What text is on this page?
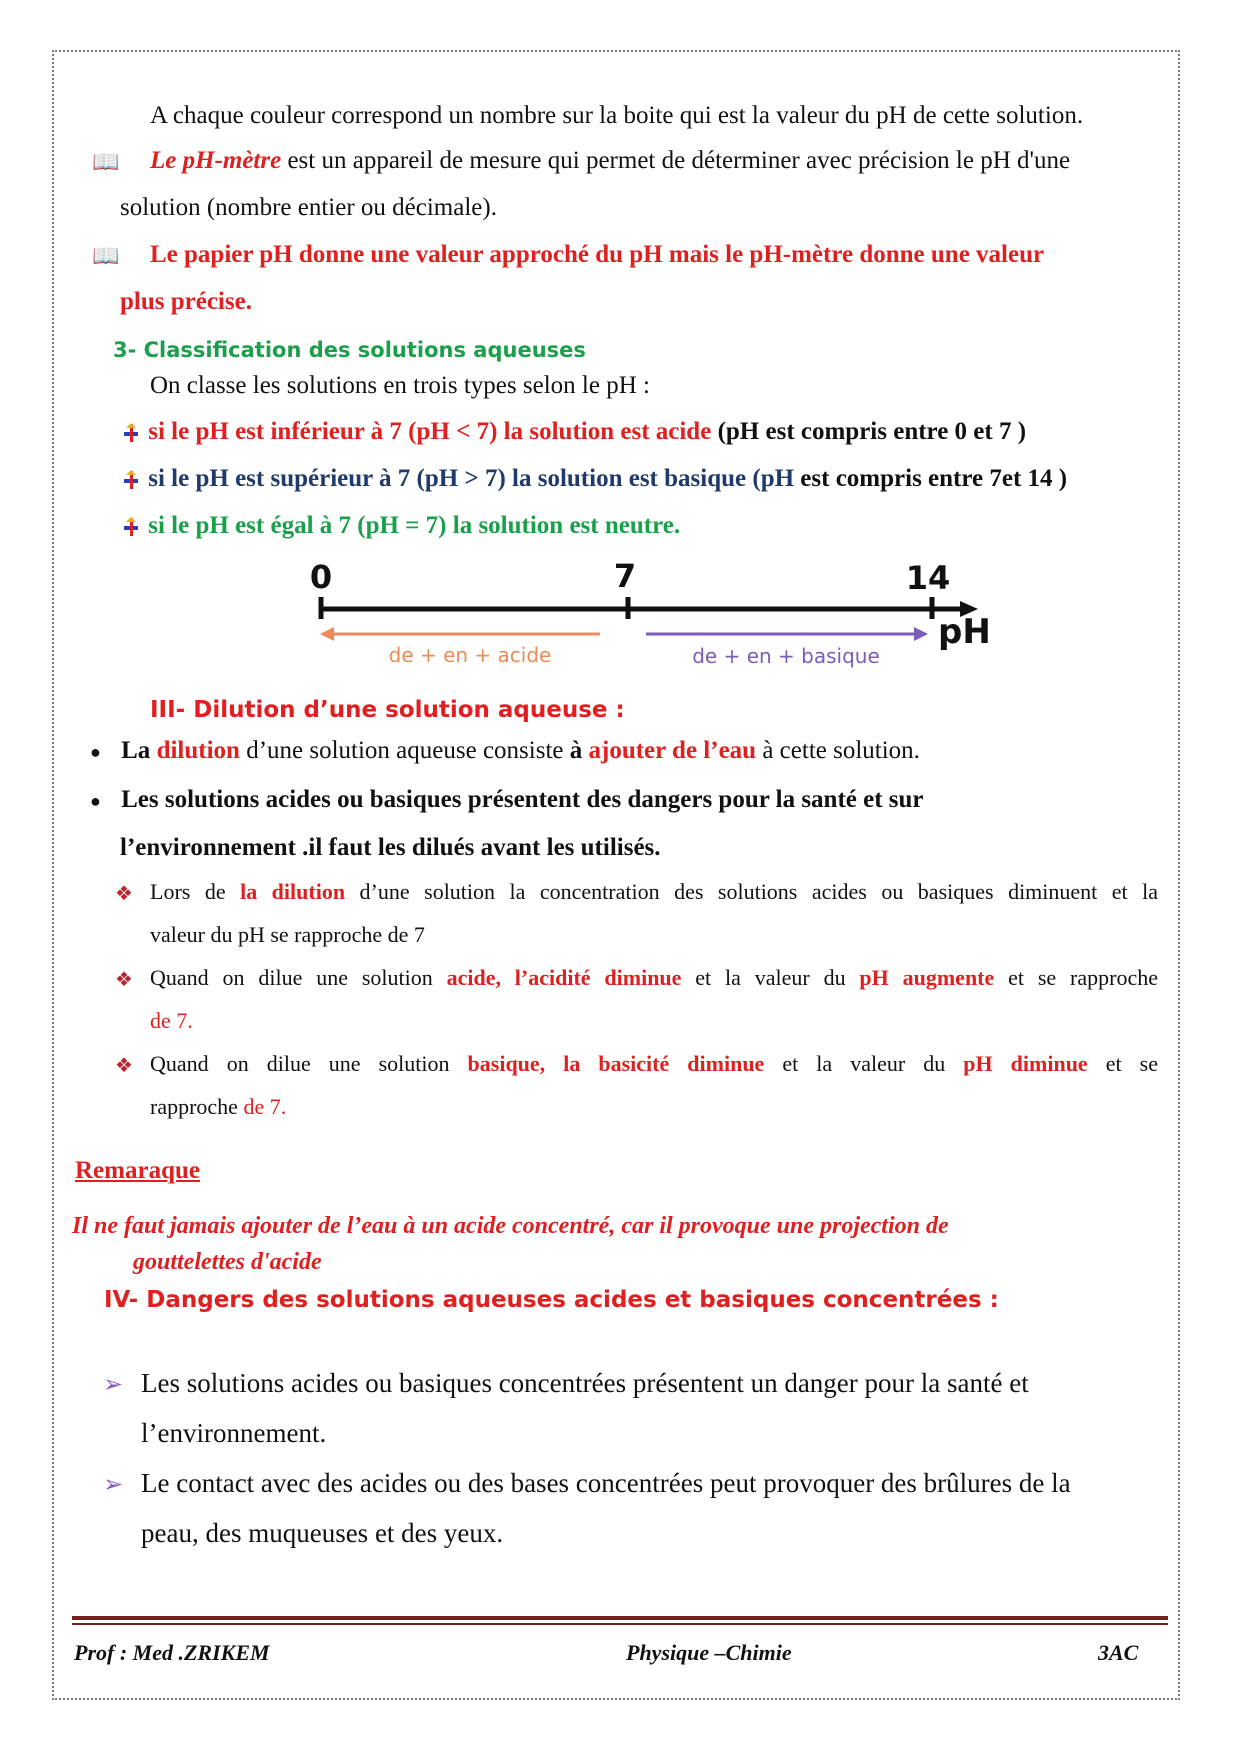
A chaque couleur correspond un nombre sur la boite qui est la valeur du pH de cette solution.
📖 Le pH-mètre est un appareil de mesure qui permet de déterminer avec précision le pH d'une
solution (nombre entier ou décimale).
📖 Le papier pH donne une valeur approché du pH mais le pH-mètre donne une valeur
plus précise.
3- Classification des solutions aqueuses
On classe les solutions en trois types selon le pH :
si le pH est inférieur à 7 (pH < 7) la solution est acide (pH est compris entre 0 et 7 )
si le pH est supérieur à 7 (pH > 7) la solution est basique (pH est compris entre 7et 14 )
si le pH est égal à 7 (pH = 7) la solution est neutre.
0	7	14
pH
de + en + acide	de + en + basique
III- Dilution d’une solution aqueuse :
● La dilution d’une solution aqueuse consiste à ajouter de l’eau à cette solution.
● Les solutions acides ou basiques présentent des dangers pour la santé et sur
l’environnement .il faut les dilués avant les utilisés.
❖ Lors de la dilution d’une solution la concentration des solutions acides ou basiques diminuent et la
valeur du pH se rapproche de 7
❖ Quand on dilue une solution acide, l’acidité diminue et la valeur du pH augmente et se rapproche
de 7.
❖ Quand on dilue une solution basique, la basicité diminue et la valeur du pH diminue et se
rapproche de 7.
Remaraque
Il ne faut jamais ajouter de l’eau à un acide concentré, car il provoque une projection de
gouttelettes d'acide
IV- Dangers des solutions aqueuses acides et basiques concentrées :
➢ Les solutions acides ou basiques concentrées présentent un danger pour la santé et
l’environnement.
➢ Le contact avec des acides ou des bases concentrées peut provoquer des brûlures de la
peau, des muqueuses et des yeux.
Prof : Med .ZRIKEM	Physique –Chimie	3AC
